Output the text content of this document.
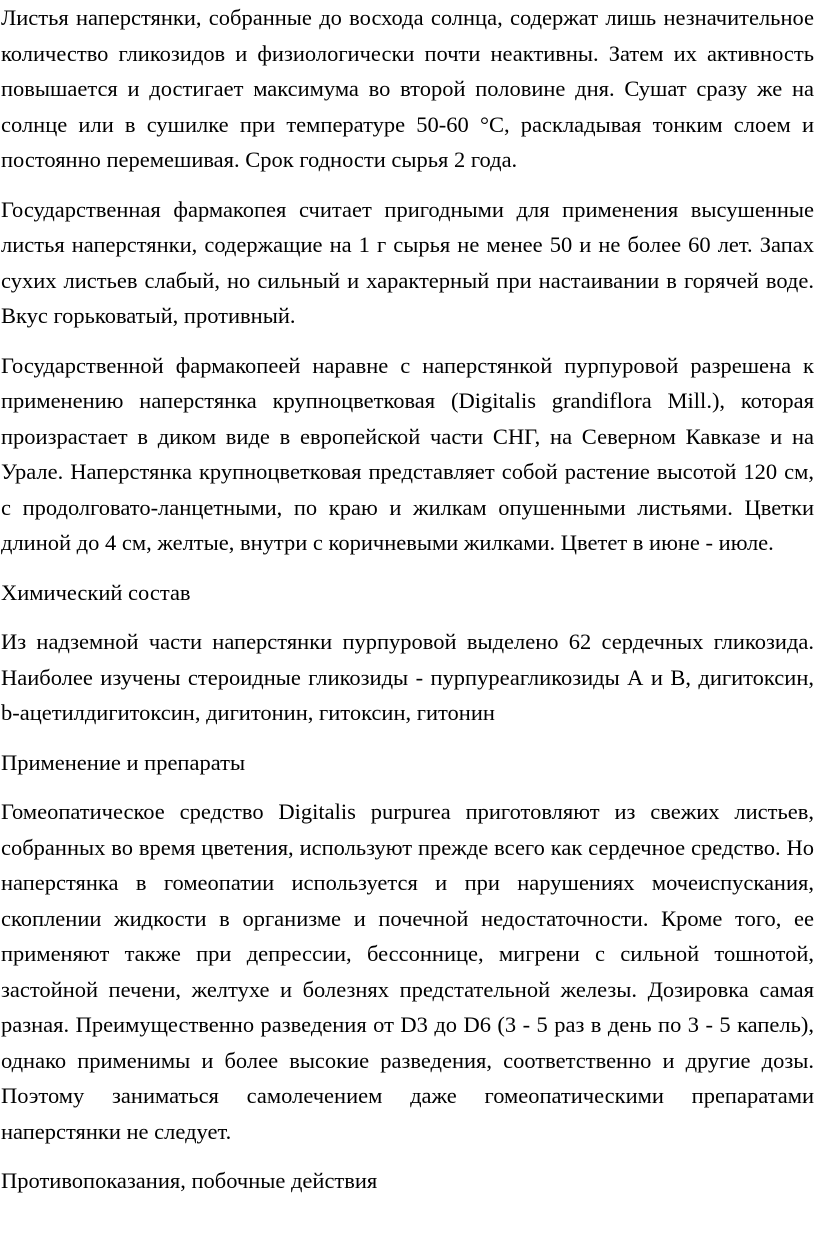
Листья наперстянки, собранные до восхода солнца, содержат лишь незначительное количество гликозидов и физиологически почти неактивны. Затем их активность повышается и достигает максимума во второй половине дня. Сушат сразу же на солнце или в сушилке при температуре 50-60 °С, раскладывая тонким слоем и постоянно перемешивая. Срок годности сырья 2 года.

Государственная фармакопея считает пригодными для применения высушенные листья наперстянки, содержащие на 1 г сырья не менее 50 и не более 60 лет. Запах сухих листьев слабый, но сильный и характерный при настаивании в горячей воде. Вкус горьковатый, противный.

Государственной фармакопеей наравне с наперстянкой пурпуровой разрешена к применению наперстянка крупноцветковая (Digitalis grandiflora Mill.), которая произрастает в диком виде в европейской части СНГ, на Северном Кавказе и на Урале. Наперстянка крупноцветковая представляет собой растение высотой 120 см, с продолговато-ланцетными, по краю и жилкам опушенными листьями. Цветки длиной до 4 см, желтые, внутри с коричневыми жилками. Цветет в июне - июле.

Химический состав

Из надземной части наперстянки пурпуровой выделено 62 сердечных гликозида. Наиболее изучены стероидные гликозиды - пурпуреагликозиды А и В, дигитоксин, b-ацетилдигитоксин, дигитонин, гитоксин, гитонин

Применение и препараты

Гомеопатическое средство Digitalis purpurea приготовляют из свежих листьев, собранных во время цветения, используют прежде всего как сердечное средство. Но наперстянка в гомеопатии используется и при нарушениях мочеиспускания, скоплении жидкости в организме и почечной недостаточности. Кроме того, ее применяют также при депрессии, бессоннице, мигрени с сильной тошнотой, застойной печени, желтухе и болезнях предстательной железы. Дозировка самая разная. Преимущественно разведения от D3 до D6 (3 - 5 раз в день по 3 - 5 капель), однако применимы и более высокие разведения, соответственно и другие дозы. Поэтому заниматься самолечением даже гомеопатическими препаратами наперстянки не следует.

Противопоказания, побочные действия
